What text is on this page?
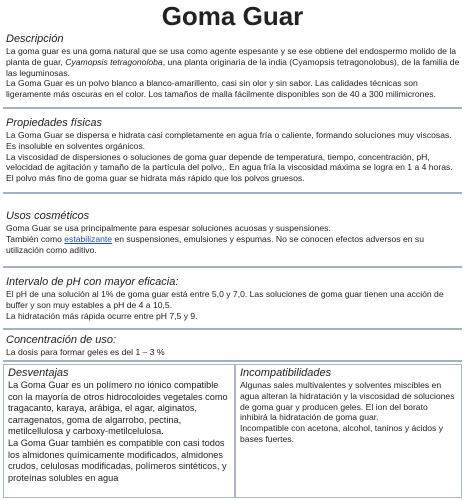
Goma Guar
Descripción

La goma guar es una goma natural que se usa como agente espesante y se ese obtiene del endospermo molido de la planta de guar, Cyamopsis tetragonoloba, una planta originaria de la india (Cyamopsis tetragonolobus), de la familia de las leguminosas.

La Goma Guar es un polvo blanco a blanco-amarillento, casi sin olor y sin sabor. Las calidades técnicas son ligeramente más oscuras en el color. Los tamaños de malla fácilmente disponibles son de 40 a 300 milimicrones.

Propiedades físicas

La Goma Guar se dispersa e hidrata casi completamente en agua fría o caliente, formando soluciones muy viscosas. Es insoluble en solventes orgánicos.

La viscosidad de dispersiones o soluciones de goma guar depende de temperatura, tiempo, concentración, pH, velocidad de agitación y tamaño de la partícula del polvo,. En agua fría la viscosidad máxima se logra en 1 a 4 horas. El polvo más fino de goma guar se hidrata más rápido que los polvos gruesos.

Usos cosméticos

Goma Guar se usa principalmente para espesar soluciones acuosas y suspensiones.

También como estabilizante en suspensiones, emulsiones y espumas. No se conocen efectos adversos en su utilización como aditivo.

Intervalo de pH con mayor eficacia:

El pH de una solución al 1% de goma guar está entre 5,0 y 7,0. Las soluciones de goma guar tienen una acción de buffer y son muy estables a pH de 4 a 10,5.

La hidratación más rápida ocurre entre pH 7,5 y 9.

Concentración de uso:

La dosis para formar geles es del 1 – 3 %

Desventajas

La Goma Guar es un polímero no iónico compatible con la mayoría de otros hidrocoloides vegetales como tragacanto, karaya, arábiga, el agar, alginatos, carragenatos, goma de algarrobo, pectina, metilcellulosa y carboxy-metilcelulosa.

La Goma Guar también es compatible con casi todos los almidones químicamente modificados, almidones crudos, celulosas modificadas, polímeros sintéticos, y proteínas solubles en agua

Incompatibilidades

Algunas sales multivalentes y solventes miscibles en agua alteran la hidratación y la viscosidad de soluciones de goma guar y producen geles. El ion del borato inhibirá la hidratación de goma guar.

Incompatible con acetona, alcohol, taninos y ácidos y bases fuertes.
